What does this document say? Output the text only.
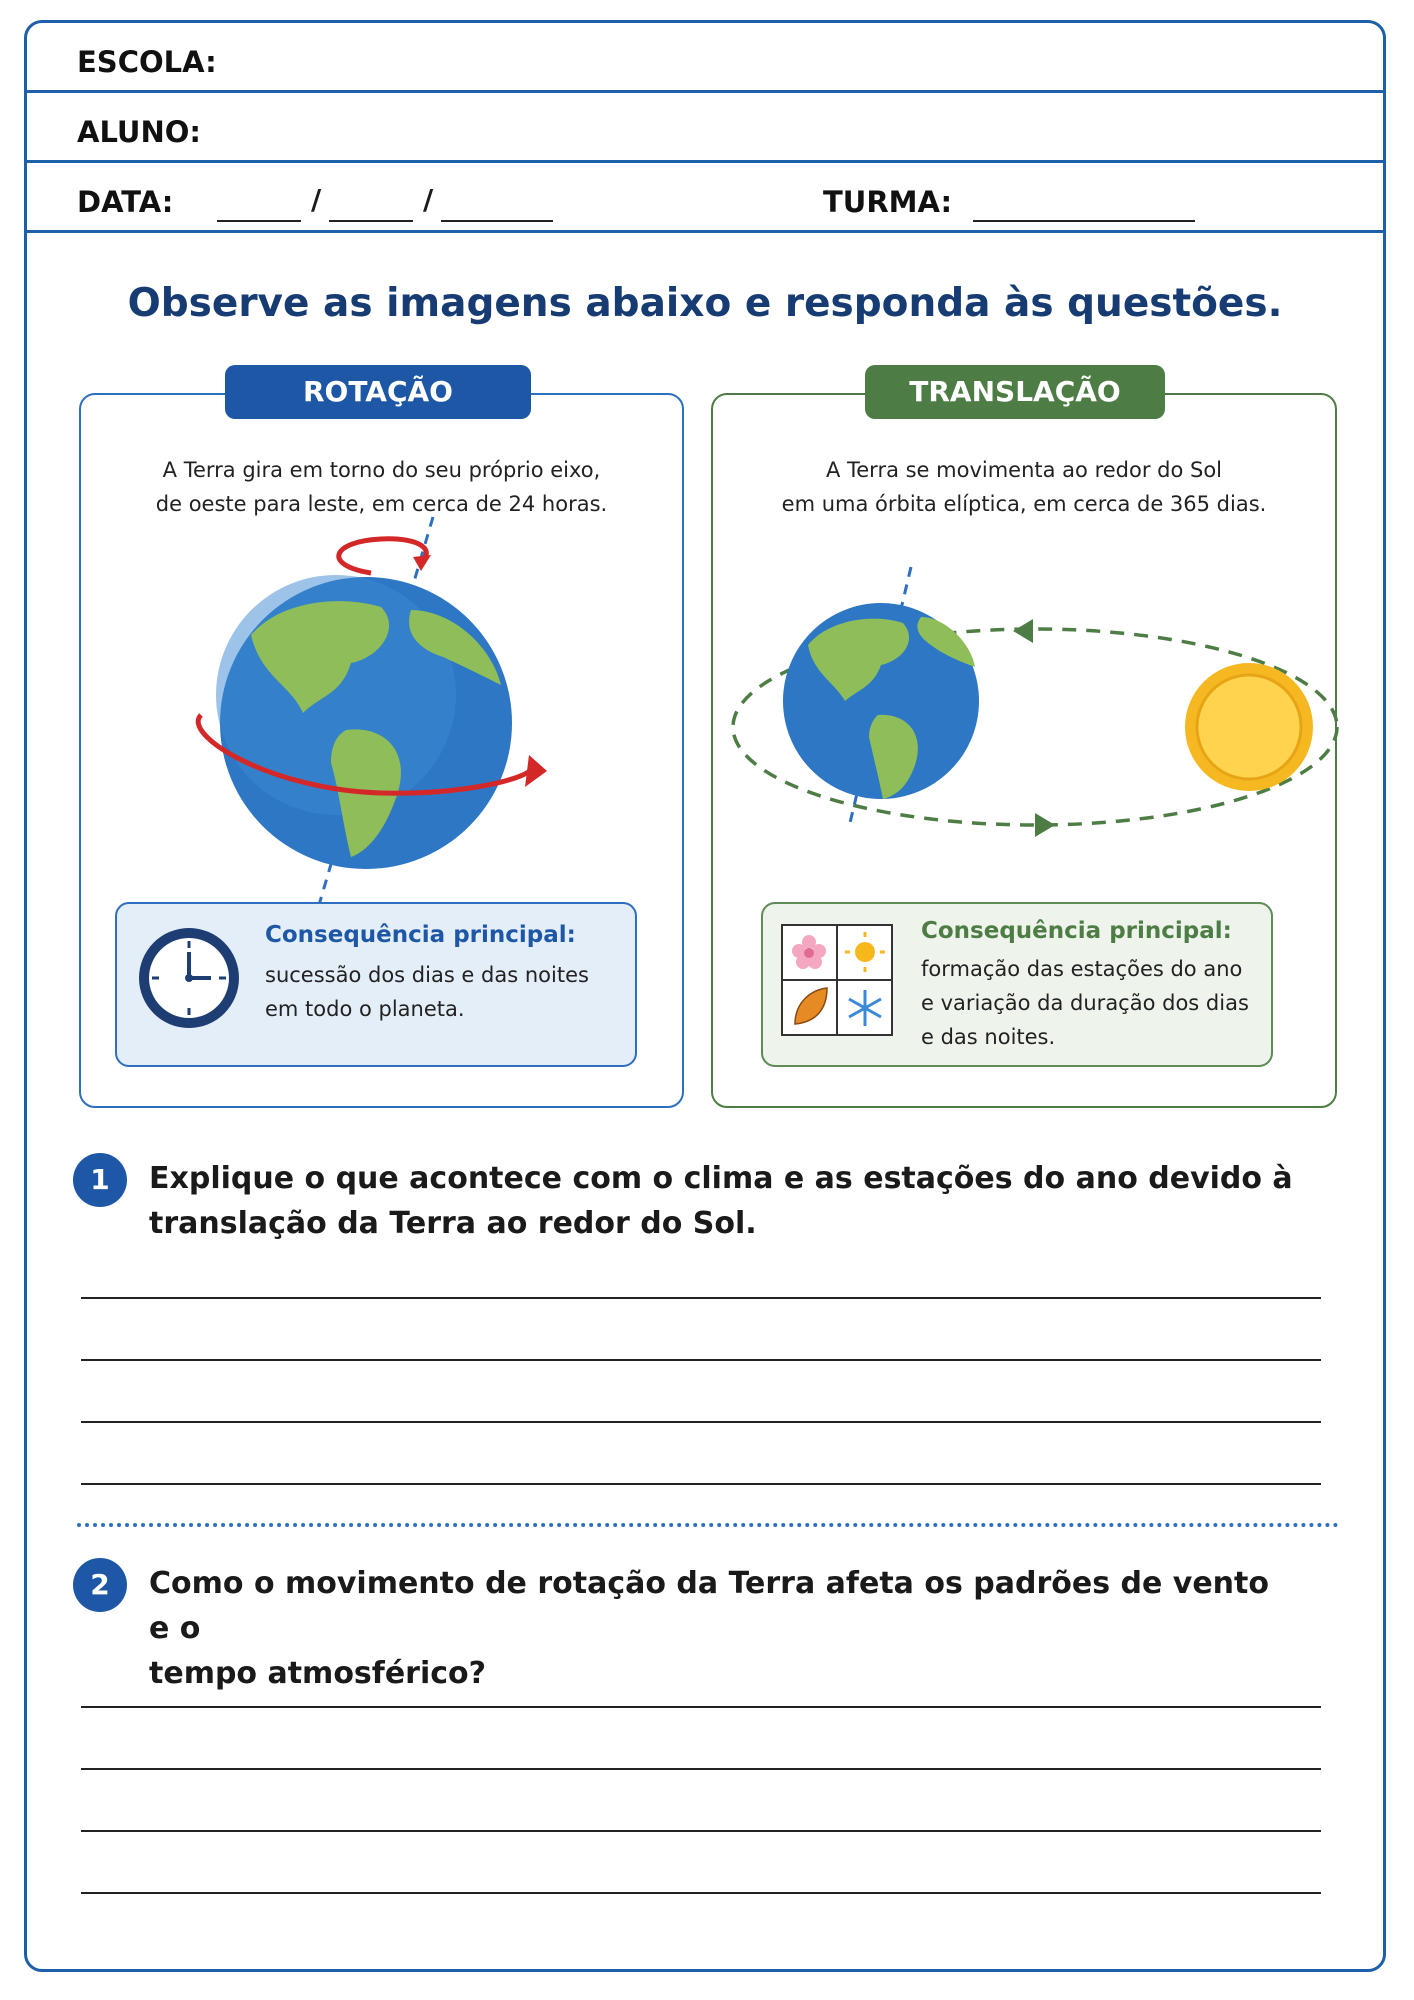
ESCOLA:
ALUNO:
DATA:	/	/	TURMA:
Observe as imagens abaixo e responda às questões.
ROTAÇÃO
A Terra gira em torno do seu próprio eixo,
de oeste para leste, em cerca de 24 horas.
Consequência principal:
sucessão dos dias e das noites
em todo o planeta.
TRANSLAÇÃO
A Terra se movimenta ao redor do Sol
em uma órbita elíptica, em cerca de 365 dias.
Consequência principal:
formação das estações do ano
e variação da duração dos dias
e das noites.
1	Explique o que acontece com o clima e as estações do ano devido à
translação da Terra ao redor do Sol.
2	Como o movimento de rotação da Terra afeta os padrões de vento e o
tempo atmosférico?
